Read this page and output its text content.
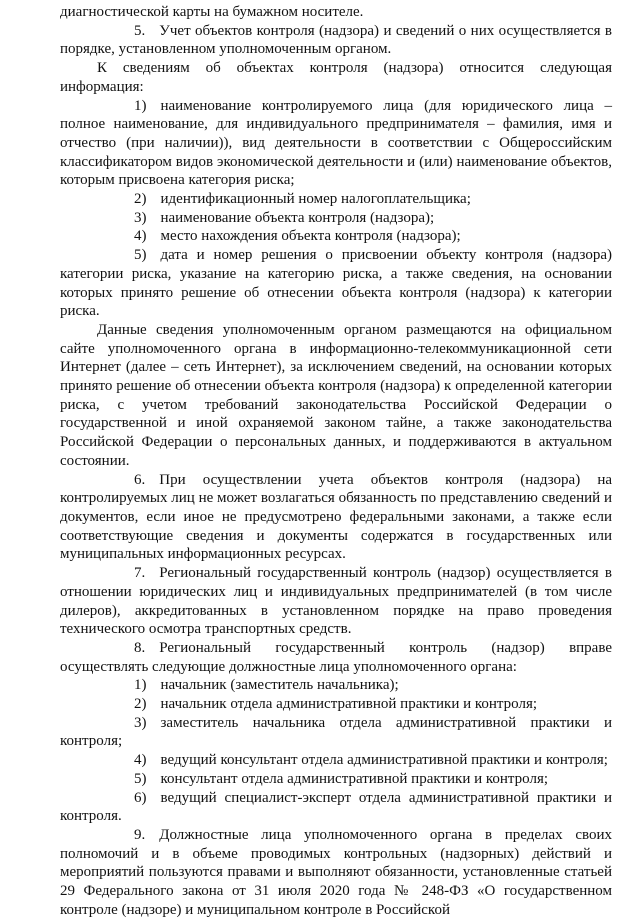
диагностической карты на бумажном носителе.

5. Учет объектов контроля (надзора) и сведений о них осуществляется в порядке, установленном уполномоченным органом.

К сведениям об объектах контроля (надзора) относится следующая информация:

1) наименование контролируемого лица (для юридического лица – полное наименование, для индивидуального предпринимателя – фамилия, имя и отчество (при наличии)), вид деятельности в соответствии с Общероссийским классификатором видов экономической деятельности и (или) наименование объектов, которым присвоена категория риска;

2) идентификационный номер налогоплательщика;

3) наименование объекта контроля (надзора);

4) место нахождения объекта контроля (надзора);

5) дата и номер решения о присвоении объекту контроля (надзора) категории риска, указание на категорию риска, а также сведения, на основании которых принято решение об отнесении объекта контроля (надзора) к категории риска.

Данные сведения уполномоченным органом размещаются на официальном сайте уполномоченного органа в информационно-телекоммуникационной сети Интернет (далее – сеть Интернет), за исключением сведений, на основании которых принято решение об отнесении объекта контроля (надзора) к определенной категории риска, с учетом требований законодательства Российской Федерации о государственной и иной охраняемой законом тайне, а также законодательства Российской Федерации о персональных данных, и поддерживаются в актуальном состоянии.

6. При осуществлении учета объектов контроля (надзора) на контролируемых лиц не может возлагаться обязанность по представлению сведений и документов, если иное не предусмотрено федеральными законами, а также если соответствующие сведения и документы содержатся в государственных или муниципальных информационных ресурсах.

7. Региональный государственный контроль (надзор) осуществляется в отношении юридических лиц и индивидуальных предпринимателей (в том числе дилеров), аккредитованных в установленном порядке на право проведения технического осмотра транспортных средств.

8. Региональный государственный контроль (надзор) вправе осуществлять следующие должностные лица уполномоченного органа:

1) начальник (заместитель начальника);

2) начальник отдела административной практики и контроля;

3) заместитель начальника отдела административной практики и контроля;

4) ведущий консультант отдела административной практики и контроля;

5) консультант отдела административной практики и контроля;

6) ведущий специалист-эксперт отдела административной практики и контроля.

9. Должностные лица уполномоченного органа в пределах своих полномочий и в объеме проводимых контрольных (надзорных) действий и мероприятий пользуются правами и выполняют обязанности, установленные статьей 29 Федерального закона от 31 июля 2020 года № 248-ФЗ «О государственном контроле (надзоре) и муниципальном контроле в Российской
